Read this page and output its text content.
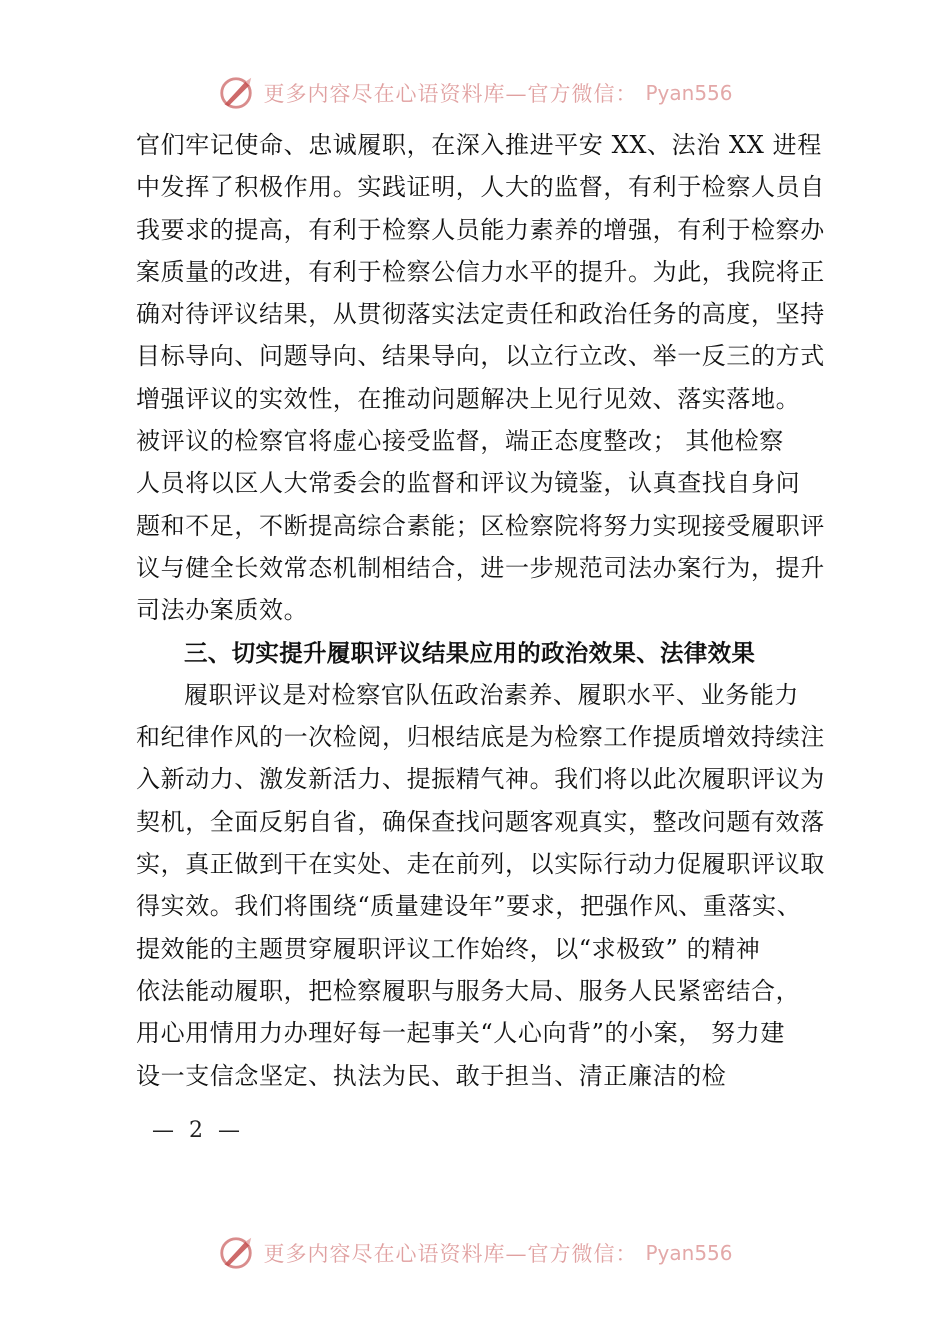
更多内容尽在心语资料库—官方微信： Pyan556
官们牢记使命、忠诚履职，在深入推进平安 XX、法治 XX 进程
中发挥了积极作用。实践证明，人大的监督，有利于检察人员自
我要求的提高，有利于检察人员能力素养的增强，有利于检察办
案质量的改进，有利于检察公信力水平的提升。为此，我院将正
确对待评议结果，从贯彻落实法定责任和政治任务的高度，坚持
目标导向、问题导向、结果导向，以立行立改、举一反三的方式
增强评议的实效性，在推动问题解决上见行见效、落实落地。
被评议的检察官将虚心接受监督，端正态度整改； 其他检察
人员将以区人大常委会的监督和评议为镜鉴，认真查找自身问
题和不足，不断提高综合素能；区检察院将努力实现接受履职评
议与健全长效常态机制相结合，进一步规范司法办案行为，提升
司法办案质效。
三、切实提升履职评议结果应用的政治效果、法律效果
履职评议是对检察官队伍政治素养、履职水平、业务能力
和纪律作风的一次检阅，归根结底是为检察工作提质增效持续注
入新动力、激发新活力、提振精气神。我们将以此次履职评议为
契机，全面反躬自省，确保查找问题客观真实，整改问题有效落
实，真正做到干在实处、走在前列，以实际行动力促履职评议取
得实效。我们将围绕“质量建设年”要求，把强作风、重落实、
提效能的主题贯穿履职评议工作始终，以“求极致” 的精神
依法能动履职，把检察履职与服务大局、服务人民紧密结合，
用心用情用力办理好每一起事关“人心向背”的小案， 努力建
设一支信念坚定、执法为民、敢于担当、清正廉洁的检
— 2 —
更多内容尽在心语资料库—官方微信： Pyan556
